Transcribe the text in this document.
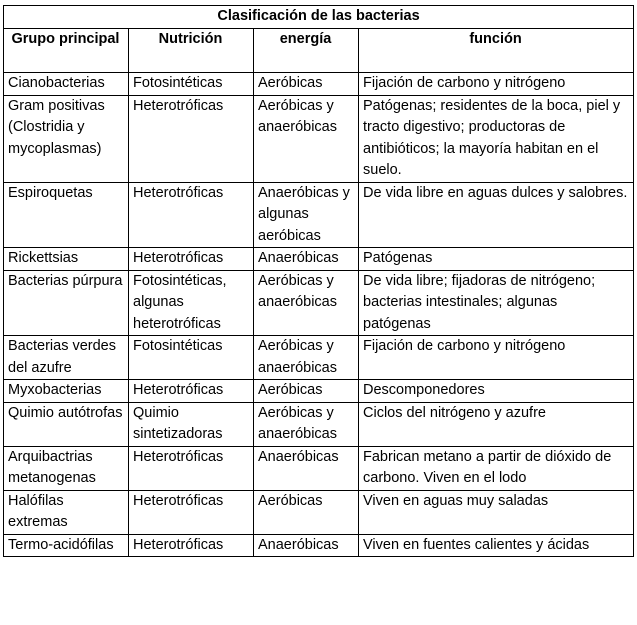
Clasificación de las bacterias			
Grupo principal	Nutrición	energía	función
Cianobacterias	Fotosintéticas	Aeróbicas	Fijación de carbono y nitrógeno
Gram positivas (Clostridia y mycoplasmas)	Heterotróficas	Aeróbicas y anaeróbicas	Patógenas; residentes de la boca, piel y tracto digestivo; productoras de antibióticos; la mayoría habitan en el suelo.
Espiroquetas	Heterotróficas	Anaeróbicas y algunas aeróbicas	De vida libre en aguas dulces y salobres.
Rickettsias	Heterotróficas	Anaeróbicas	Patógenas
Bacterias púrpura	Fotosintéticas, algunas heterotróficas	Aeróbicas y anaeróbicas	De vida libre; fijadoras de nitrógeno; bacterias intestinales; algunas patógenas
Bacterias verdes del azufre	Fotosintéticas	Aeróbicas y anaeróbicas	Fijación de carbono y nitrógeno
Myxobacterias	Heterotróficas	Aeróbicas	Descomponedores
Quimio autótrofas	Quimio sintetizadoras	Aeróbicas y anaeróbicas	Ciclos del nitrógeno y azufre
Arquibactrias metanogenas	Heterotróficas	Anaeróbicas	Fabrican metano a partir de dióxido de carbono. Viven en el lodo
Halófilas extremas	Heterotróficas	Aeróbicas	Viven en aguas muy saladas
Termo-acidófilas	Heterotróficas	Anaeróbicas	Viven en fuentes calientes y ácidas
